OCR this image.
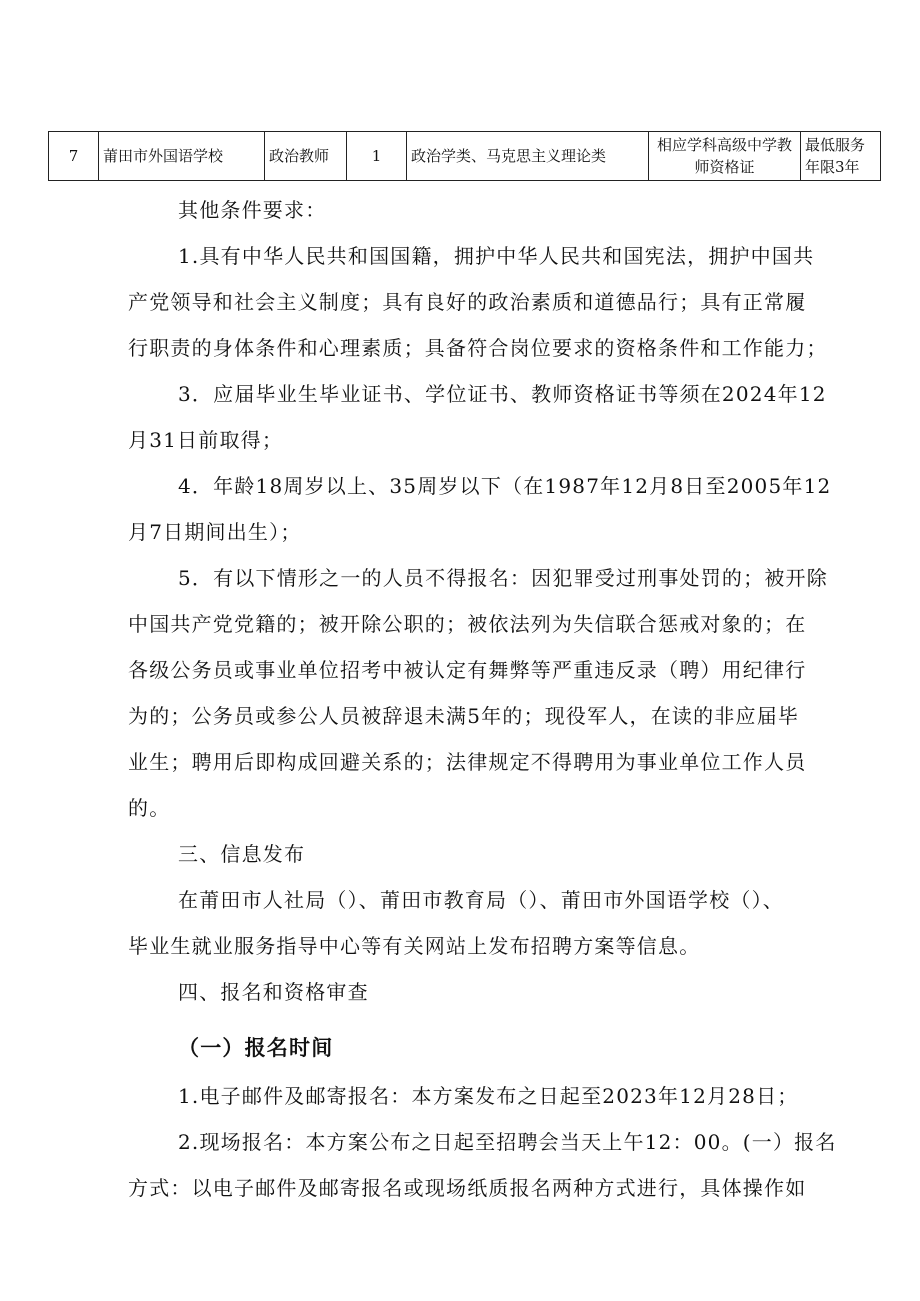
7	莆田市外国语学校	政治教师	1	政治学类、马克思主义理论类	相应学科高级中学教师资格证	最低服务年限3年
其他条件要求：
1.具有中华人民共和国国籍，拥护中华人民共和国宪法，拥护中国共
产党领导和社会主义制度；具有良好的政治素质和道德品行；具有正常履
行职责的身体条件和心理素质；具备符合岗位要求的资格条件和工作能力；
3．应届毕业生毕业证书、学位证书、教师资格证书等须在2024年12
月31日前取得；
4．年龄18周岁以上、35周岁以下（在1987年12月8日至2005年12
月7日期间出生）；
5．有以下情形之一的人员不得报名：因犯罪受过刑事处罚的；被开除
中国共产党党籍的；被开除公职的；被依法列为失信联合惩戒对象的；在
各级公务员或事业单位招考中被认定有舞弊等严重违反录（聘）用纪律行
为的；公务员或参公人员被辞退未满5年的；现役军人，在读的非应届毕
业生；聘用后即构成回避关系的；法律规定不得聘用为事业单位工作人员
的。
三、信息发布
在莆田市人社局（）、莆田市教育局（）、莆田市外国语学校（）、
毕业生就业服务指导中心等有关网站上发布招聘方案等信息。
四、报名和资格审查
（一）报名时间
1.电子邮件及邮寄报名：本方案发布之日起至2023年12月28日；
2.现场报名：本方案公布之日起至招聘会当天上午12：00。(一）报名
方式：以电子邮件及邮寄报名或现场纸质报名两种方式进行，具体操作如
